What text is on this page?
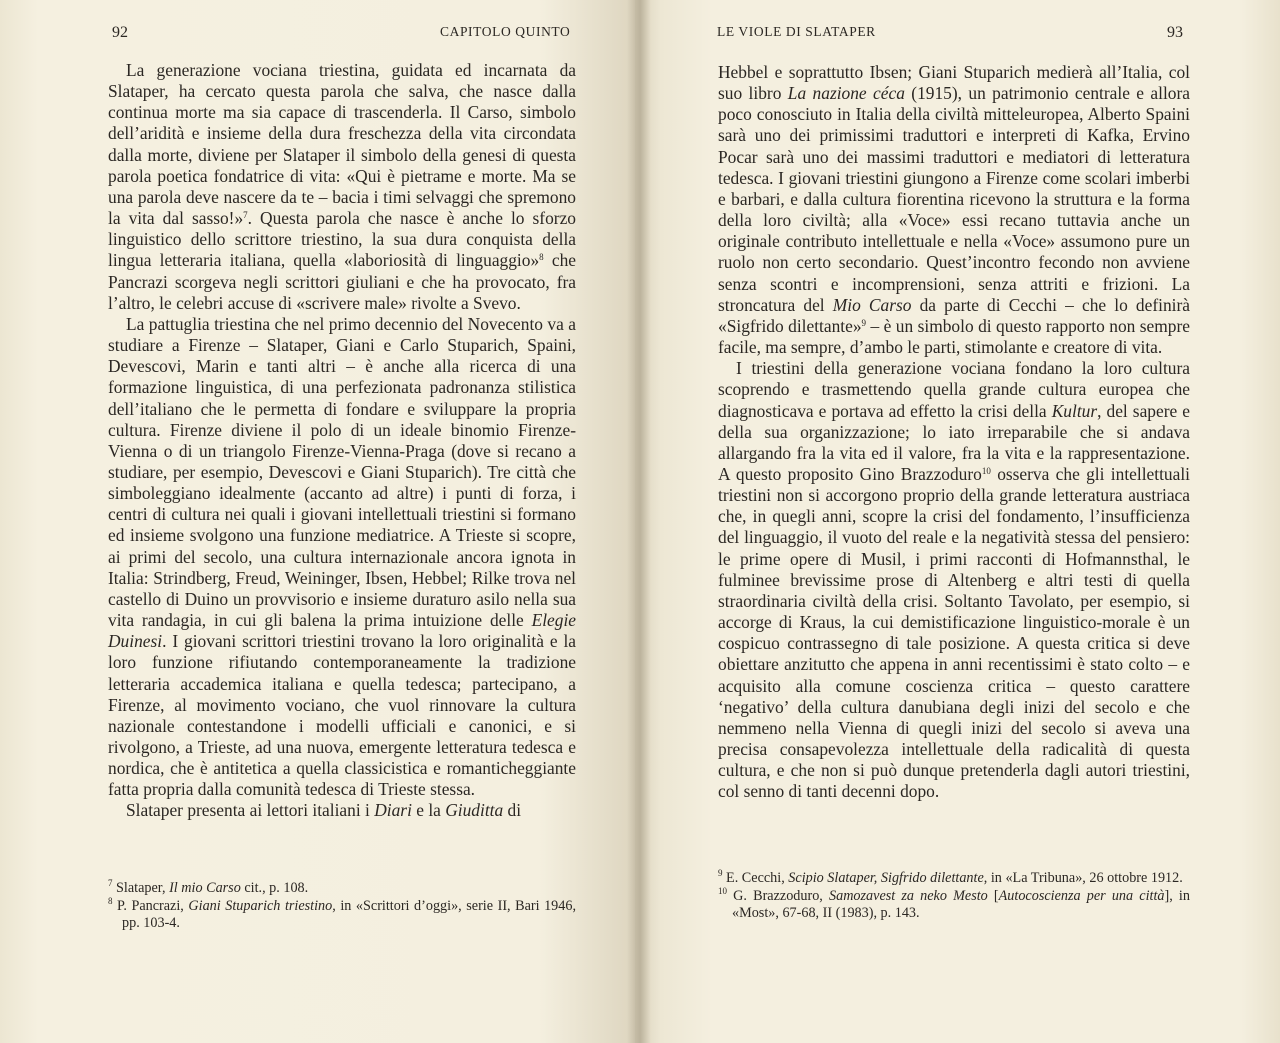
92	CAPITOLO QUINTO

La generazione vociana triestina, guidata ed incarnata da Slataper, ha cercato questa parola che salva, che nasce dalla continua morte ma sia capace di trascenderla. Il Carso, simbolo dell’aridità e insieme della dura freschezza della vita circondata dalla morte, diviene per Slataper il simbolo della genesi di questa parola poetica fondatrice di vita: «Qui è pietrame e morte. Ma se una parola deve nascere da te – bacia i timi selvaggi che spremono la vita dal sasso!»$^7$. Questa parola che nasce è anche lo sforzo linguistico dello scrittore triestino, la sua dura conquista della lingua letteraria italiana, quella «laboriosità di linguaggio»$^8$ che Pancrazi scorgeva negli scrittori giuliani e che ha provocato, fra l’altro, le celebri accuse di «scrivere male» rivolte a Svevo.

La pattuglia triestina che nel primo decennio del Novecento va a studiare a Firenze – Slataper, Giani e Carlo Stuparich, Spaini, Devescovi, Marin e tanti altri – è anche alla ricerca di una formazione linguistica, di una perfezionata padronanza stilistica dell’italiano che le permetta di fondare e sviluppare la propria cultura. Firenze diviene il polo di un ideale binomio Firenze-Vienna o di un triangolo Firenze-Vienna-Praga (dove si recano a studiare, per esempio, Devescovi e Giani Stuparich). Tre città che simboleggiano idealmente (accanto ad altre) i punti di forza, i centri di cultura nei quali i giovani intellettuali triestini si formano ed insieme svolgono una funzione mediatrice. A Trieste si scopre, ai primi del secolo, una cultura internazionale ancora ignota in Italia: Strindberg, Freud, Weininger, Ibsen, Hebbel; Rilke trova nel castello di Duino un provvisorio e insieme duraturo asilo nella sua vita randagia, in cui gli balena la prima intuizione delle Elegie Duinesi. I giovani scrittori triestini trovano la loro originalità e la loro funzione rifiutando contemporaneamente la tradizione letteraria accademica italiana e quella tedesca; partecipano, a Firenze, al movimento vociano, che vuol rinnovare la cultura nazionale contestandone i modelli ufficiali e canonici, e si rivolgono, a Trieste, ad una nuova, emergente letteratura tedesca e nordica, che è antitetica a quella classicistica e romanticheggiante fatta propria dalla comunità tedesca di Trieste stessa.

Slataper presenta ai lettori italiani i Diari e la Giuditta di

$^7$ Slataper, Il mio Carso cit., p. 108.

$^8$ P. Pancrazi, Giani Stuparich triestino, in «Scrittori d’oggi», serie II, Bari 1946, pp. 103-4.

LE VIOLE DI SLATAPER	93

Hebbel e soprattutto Ibsen; Giani Stuparich medierà all’Italia, col suo libro La nazione céca (1915), un patrimonio centrale e allora poco conosciuto in Italia della civiltà mitteleuropea, Alberto Spaini sarà uno dei primissimi traduttori e interpreti di Kafka, Ervino Pocar sarà uno dei massimi traduttori e mediatori di letteratura tedesca. I giovani triestini giungono a Firenze come scolari imberbi e barbari, e dalla cultura fiorentina ricevono la struttura e la forma della loro civiltà; alla «Voce» essi recano tuttavia anche un originale contributo intellettuale e nella «Voce» assumono pure un ruolo non certo secondario. Quest’incontro fecondo non avviene senza scontri e incomprensioni, senza attriti e frizioni. La stroncatura del Mio Carso da parte di Cecchi – che lo definirà «Sigfrido dilettante»$^9$ – è un simbolo di questo rapporto non sempre facile, ma sempre, d’ambo le parti, stimolante e creatore di vita.

I triestini della generazione vociana fondano la loro cultura scoprendo e trasmettendo quella grande cultura europea che diagnosticava e portava ad effetto la crisi della Kultur, del sapere e della sua organizzazione; lo iato irreparabile che si andava allargando fra la vita ed il valore, fra la vita e la rappresentazione. A questo proposito Gino Brazzoduro$^{10}$ osserva che gli intellettuali triestini non si accorgono proprio della grande letteratura austriaca che, in quegli anni, scopre la crisi del fondamento, l’insufficienza del linguaggio, il vuoto del reale e la negatività stessa del pensiero: le prime opere di Musil, i primi racconti di Hofmannsthal, le fulminee brevissime prose di Altenberg e altri testi di quella straordinaria civiltà della crisi. Soltanto Tavolato, per esempio, si accorge di Kraus, la cui demistificazione linguistico-morale è un cospicuo contrassegno di tale posizione. A questa critica si deve obiettare anzitutto che appena in anni recentissimi è stato colto – e acquisito alla comune coscienza critica – questo carattere ‘negativo’ della cultura danubiana degli inizi del secolo e che nemmeno nella Vienna di quegli inizi del secolo si aveva una precisa consapevolezza intellettuale della radicalità di questa cultura, e che non si può dunque pretenderla dagli autori triestini, col senno di tanti decenni dopo.

$^9$ E. Cecchi, Scipio Slataper, Sigfrido dilettante, in «La Tribuna», 26 ottobre 1912.

$^{10}$ G. Brazzoduro, Samozavest za neko Mesto [Autocoscienza per una città], in «Most», 67-68, II (1983), p. 143.
